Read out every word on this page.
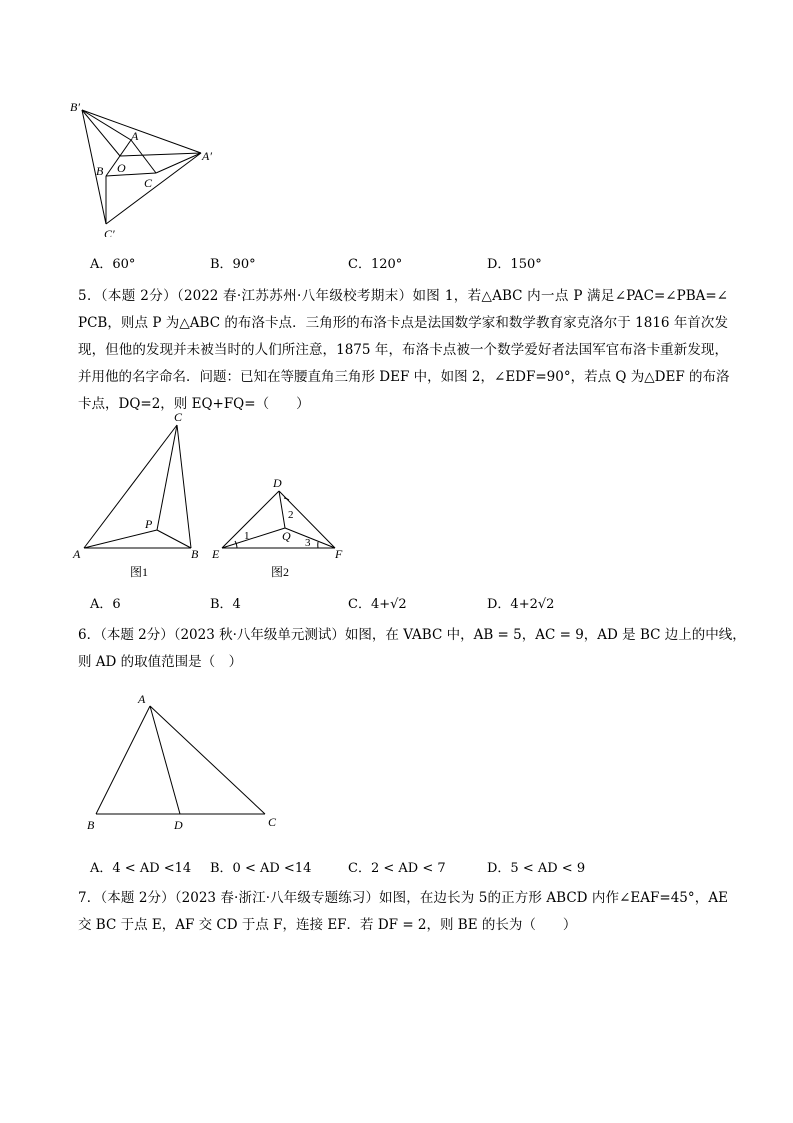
B′
A
A′
O
B
C
C′
A．60°	B．90°	C．120°	D．150°
5．（本题 2分）（2022 春·江苏苏州·八年级校考期末）如图 1，若△ABC 内一点 P 满足∠PAC=∠PBA=∠
PCB，则点 P 为△ABC 的布洛卡点．三角形的布洛卡点是法国数学家和数学教育家克洛尔于 1816 年首次发
现，但他的发现并未被当时的人们所注意，1875 年，布洛卡点被一个数学爱好者法国军官布洛卡重新发现，
并用他的名字命名．问题：已知在等腰直角三角形 DEF 中，如图 2，∠EDF=90°，若点 Q 为△DEF 的布洛
卡点，DQ=2，则 EQ+FQ=（　　）
C
P
A	B
图1
D
2
1	Q 3
E	F
图2
A．6	B．4	C．4+√2	D．4+2√2
6．（本题 2分）（2023 秋·八年级单元测试）如图，在 VABC 中，AB = 5，AC = 9，AD 是 BC 边上的中线，
则 AD 的取值范围是（　）
A
B	D	C
A．4 < AD <14 B．0 < AD <14	C．2 < AD < 7	D．5 < AD < 9
7．（本题 2分）（2023 春·浙江·八年级专题练习）如图，在边长为 5的正方形 ABCD 内作∠EAF=45°，AE
交 BC 于点 E，AF 交 CD 于点 F，连接 EF．若 DF = 2，则 BE 的长为（　　）
